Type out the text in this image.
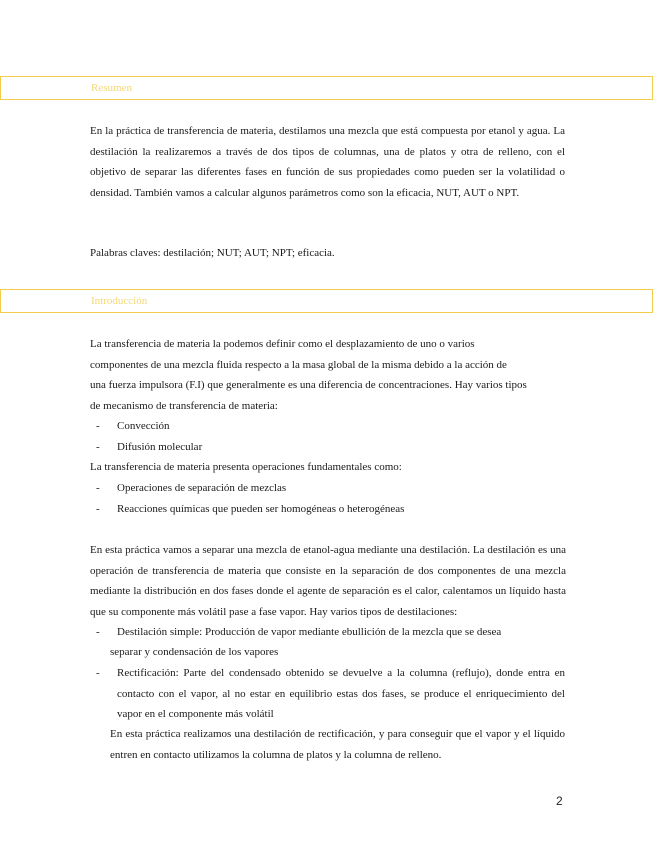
Resumen

En la práctica de transferencia de materia, destilamos una mezcla que está compuesta por etanol y agua. La destilación la realizaremos a través de dos tipos de columnas, una de platos y otra de relleno, con el objetivo de separar las diferentes fases en función de sus propiedades como pueden ser la volatilidad o densidad. También vamos a calcular algunos parámetros como son la eficacia, NUT, AUT o NPT.

Palabras claves: destilación; NUT; AUT; NPT; eficacia.

Introducción
La transferencia de materia la podemos definir como el desplazamiento de uno o varios
componentes de una mezcla fluida respecto a la masa global de la misma debido a la acción de
una fuerza impulsora (F.I) que generalmente es una diferencia de concentraciones. Hay varios tipos
de mecanismo de transferencia de materia:
- Convección
- Difusión molecular

La transferencia de materia presenta operaciones fundamentales como:

- Operaciones de separación de mezclas
- Reacciones químicas que pueden ser homogéneas o heterogéneas

En esta práctica vamos a separar una mezcla de etanol-agua mediante una destilación. La destilación es una operación de transferencia de materia que consiste en la separación de dos componentes de una mezcla mediante la distribución en dos fases donde el agente de separación es el calor, calentamos un líquido hasta que su componente más volátil pase a fase vapor. Hay varios tipos de destilaciones:

- Destilación simple: Producción de vapor mediante ebullición de la mezcla que se desea
separar y condensación de los vapores
- Rectificación: Parte del condensado obtenido se devuelve a la columna (reflujo), donde entra en contacto con el vapor, al no estar en equilibrio estas dos fases, se produce el enriquecimiento del vapor en el componente más volátil

En esta práctica realizamos una destilación de rectificación, y para conseguir que el vapor y el líquido entren en contacto utilizamos la columna de platos y la columna de relleno.

2
